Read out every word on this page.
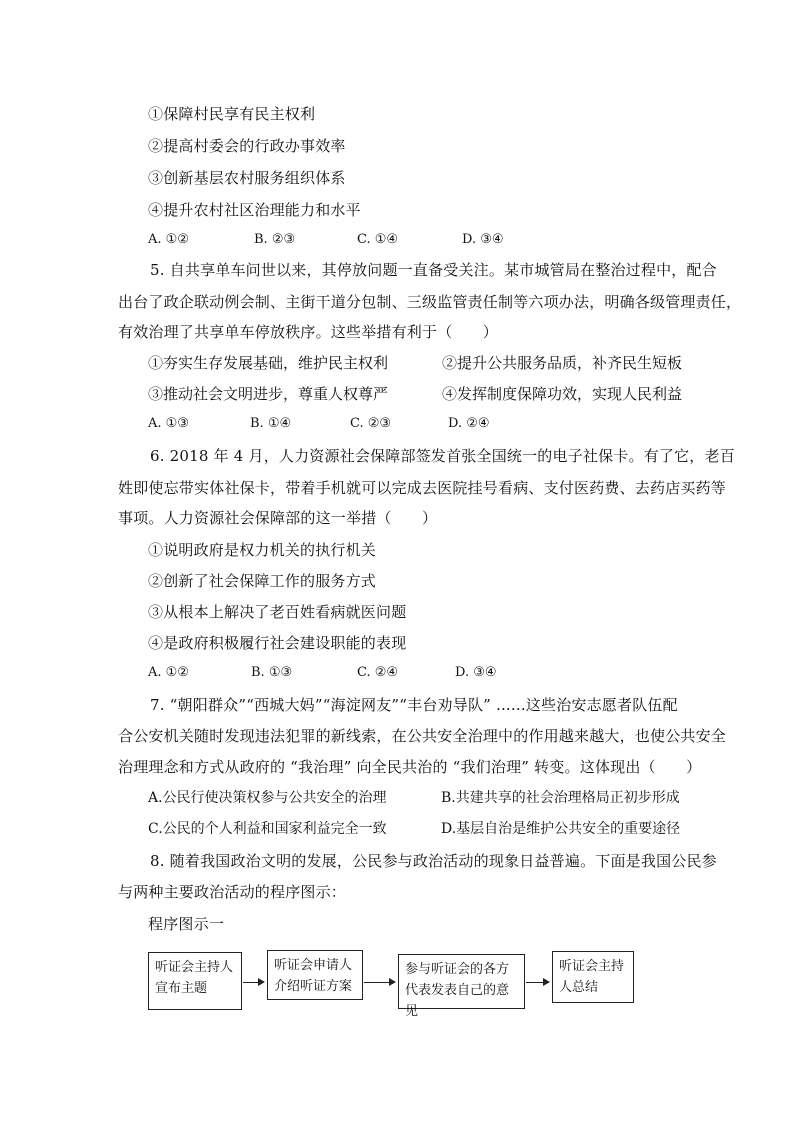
①保障村民享有民主权利
②提高村委会的行政办事效率
③创新基层农村服务组织体系
④提升农村社区治理能力和水平
A. ①②	B. ②③	C. ①④	D. ③④
5. 自共享单车问世以来，其停放问题一直备受关注。某市城管局在整治过程中，配合
出台了政企联动例会制、主街干道分包制、三级监管责任制等六项办法，明确各级管理责任，
有效治理了共享单车停放秩序。这些举措有利于（　　）
①夯实生存发展基础，维护民主权利	②提升公共服务品质，补齐民生短板
③推动社会文明进步，尊重人权尊严	④发挥制度保障功效，实现人民利益
A. ①③	B. ①④	C. ②③	D. ②④
6. 2018 年 4 月，人力资源社会保障部签发首张全国统一的电子社保卡。有了它，老百
姓即使忘带实体社保卡，带着手机就可以完成去医院挂号看病、支付医药费、去药店买药等
事项。人力资源社会保障部的这一举措（　　）
①说明政府是权力机关的执行机关
②创新了社会保障工作的服务方式
③从根本上解决了老百姓看病就医问题
④是政府积极履行社会建设职能的表现
A. ①②	B. ①③	C. ②④	D. ③④
7. “朝阳群众”“西城大妈”“海淀网友”“丰台劝导队” ......这些治安志愿者队伍配
合公安机关随时发现违法犯罪的新线索，在公共安全治理中的作用越来越大，也使公共安全
治理理念和方式从政府的 “我治理” 向全民共治的 “我们治理” 转变。这体现出（　　）
A.公民行使决策权参与公共安全的治理	B.共建共享的社会治理格局正初步形成
C.公民的个人利益和国家利益完全一致	D.基层自治是维护公共安全的重要途径
8. 随着我国政治文明的发展，公民参与政治活动的现象日益普遍。下面是我国公民参
与两种主要政治活动的程序图示：
程序图示一
听证会主持人宣布主题
听证会申请人介绍听证方案
参与听证会的各方代表发表自己的意见
听证会主持人总结
